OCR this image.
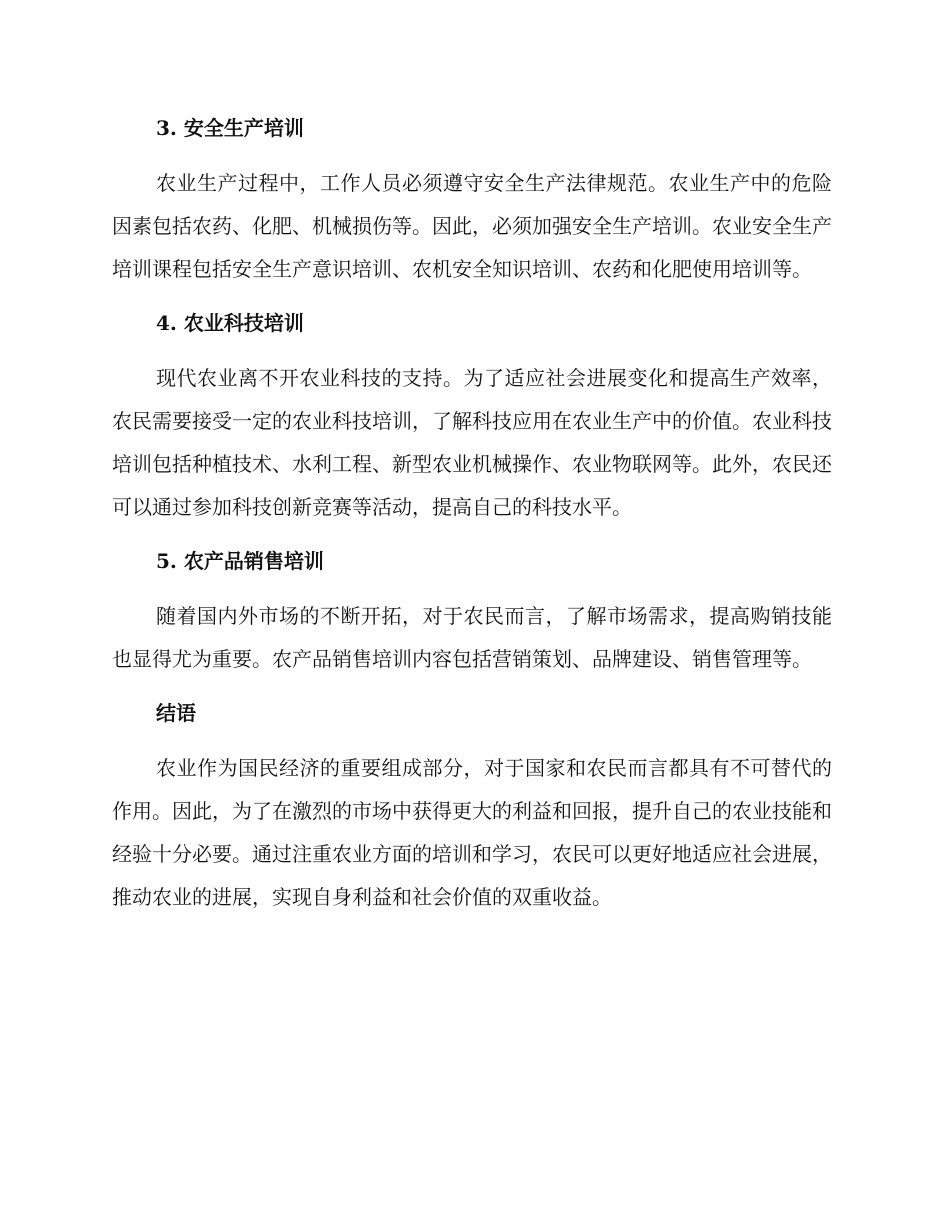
3. 安全生产培训

农业生产过程中，工作人员必须遵守安全生产法律规范。农业生产中的危险因素包括农药、化肥、机械损伤等。因此，必须加强安全生产培训。农业安全生产培训课程包括安全生产意识培训、农机安全知识培训、农药和化肥使用培训等。

4. 农业科技培训

现代农业离不开农业科技的支持。为了适应社会进展变化和提高生产效率，农民需要接受一定的农业科技培训，了解科技应用在农业生产中的价值。农业科技培训包括种植技术、水利工程、新型农业机械操作、农业物联网等。此外，农民还可以通过参加科技创新竞赛等活动，提高自己的科技水平。

5. 农产品销售培训

随着国内外市场的不断开拓，对于农民而言，了解市场需求，提高购销技能也显得尤为重要。农产品销售培训内容包括营销策划、品牌建设、销售管理等。

结语

农业作为国民经济的重要组成部分，对于国家和农民而言都具有不可替代的作用。因此，为了在激烈的市场中获得更大的利益和回报，提升自己的农业技能和经验十分必要。通过注重农业方面的培训和学习，农民可以更好地适应社会进展，推动农业的进展，实现自身利益和社会价值的双重收益。
